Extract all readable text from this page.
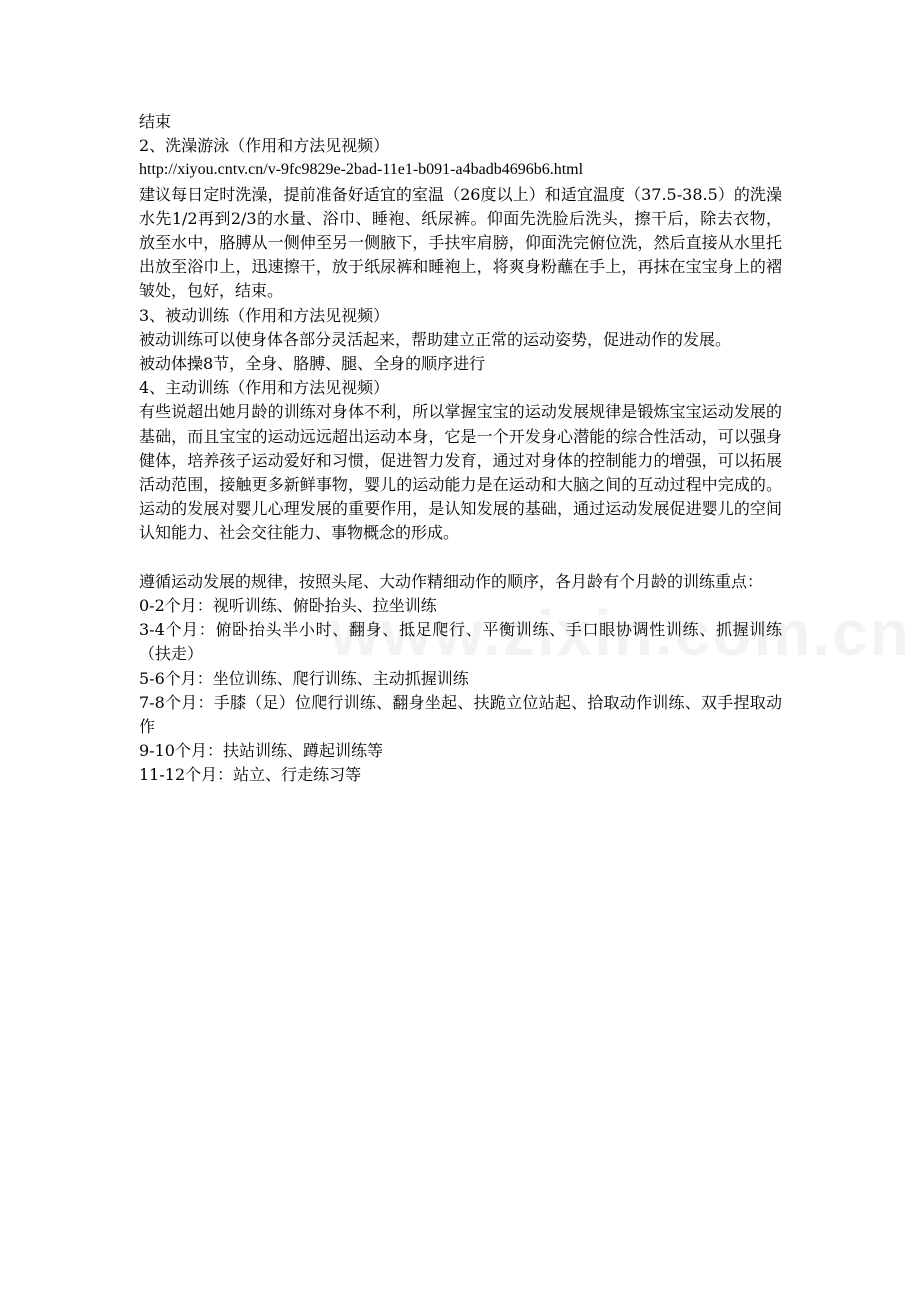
结束

2、洗澡游泳（作用和方法见视频）

http://xiyou.cntv.cn/v-9fc9829e-2bad-11e1-b091-a4badb4696b6.html

建议每日定时洗澡，提前准备好适宜的室温（26度以上）和适宜温度（37.5-38.5）的洗澡水先1/2再到2/3的水量、浴巾、睡袍、纸尿裤。仰面先洗脸后洗头，擦干后，除去衣物，放至水中，胳膊从一侧伸至另一侧腋下，手扶牢肩膀，仰面洗完俯位洗，然后直接从水里托出放至浴巾上，迅速擦干，放于纸尿裤和睡袍上，将爽身粉蘸在手上，再抹在宝宝身上的褶皱处，包好，结束。

3、被动训练（作用和方法见视频）

被动训练可以使身体各部分灵活起来，帮助建立正常的运动姿势，促进动作的发展。

被动体操8节，全身、胳膊、腿、全身的顺序进行

4、主动训练（作用和方法见视频）

有些说超出她月龄的训练对身体不利，所以掌握宝宝的运动发展规律是锻炼宝宝运动发展的基础，而且宝宝的运动远远超出运动本身，它是一个开发身心潜能的综合性活动，可以强身健体，培养孩子运动爱好和习惯，促进智力发育，通过对身体的控制能力的增强，可以拓展活动范围，接触更多新鲜事物，婴儿的运动能力是在运动和大脑之间的互动过程中完成的。运动的发展对婴儿心理发展的重要作用，是认知发展的基础，通过运动发展促进婴儿的空间认知能力、社会交往能力、事物概念的形成。

遵循运动发展的规律，按照头尾、大动作精细动作的顺序，各月龄有个月龄的训练重点：

0-2个月：视听训练、俯卧抬头、拉坐训练

3-4个月：俯卧抬头半小时、翻身、抵足爬行、平衡训练、手口眼协调性训练、抓握训练（扶走）

5-6个月：坐位训练、爬行训练、主动抓握训练

7-8个月：手膝（足）位爬行训练、翻身坐起、扶跪立位站起、拾取动作训练、双手捏取动作

9-10个月：扶站训练、蹲起训练等

11-12个月：站立、行走练习等
